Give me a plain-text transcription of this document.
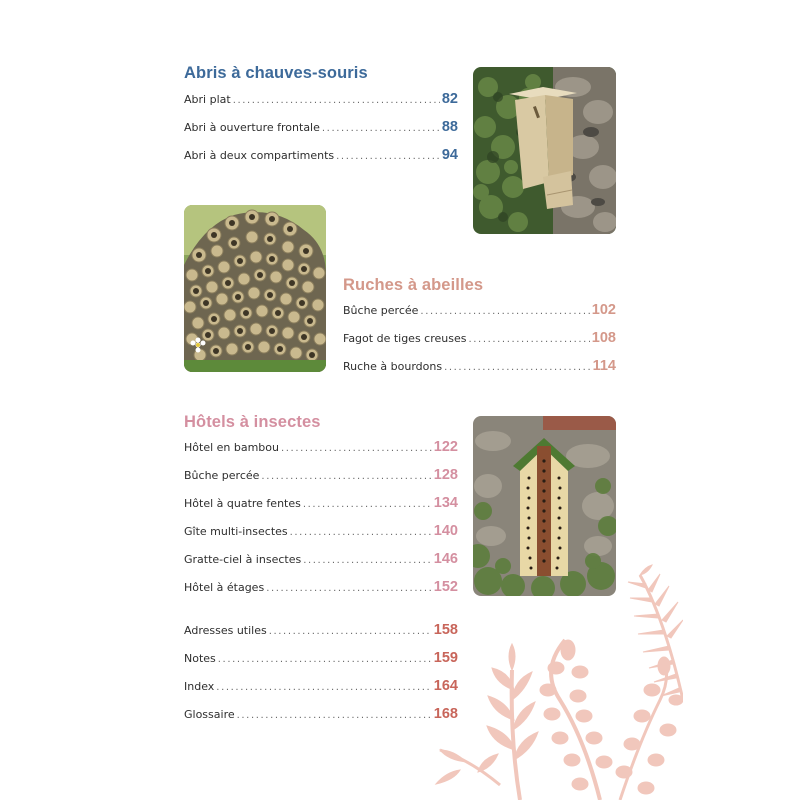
Abris à chauves-souris
Abri plat .....	82
Abri à ouverture frontale .....	88
Abri à deux compartiments .....	94
Ruches à abeilles
Bûche percée .....	102
Fagot de tiges creuses .....	108
Ruche à bourdons .....	114
Hôtels à insectes
Hôtel en bambou .....	122
Bûche percée .....	128
Hôtel à quatre fentes .....	134
Gîte multi-insectes .....	140
Gratte-ciel à insectes .....	146
Hôtel à étages .....	152
Adresses utiles .....	158
Notes .....	159
Index .....	164
Glossaire .....	168
